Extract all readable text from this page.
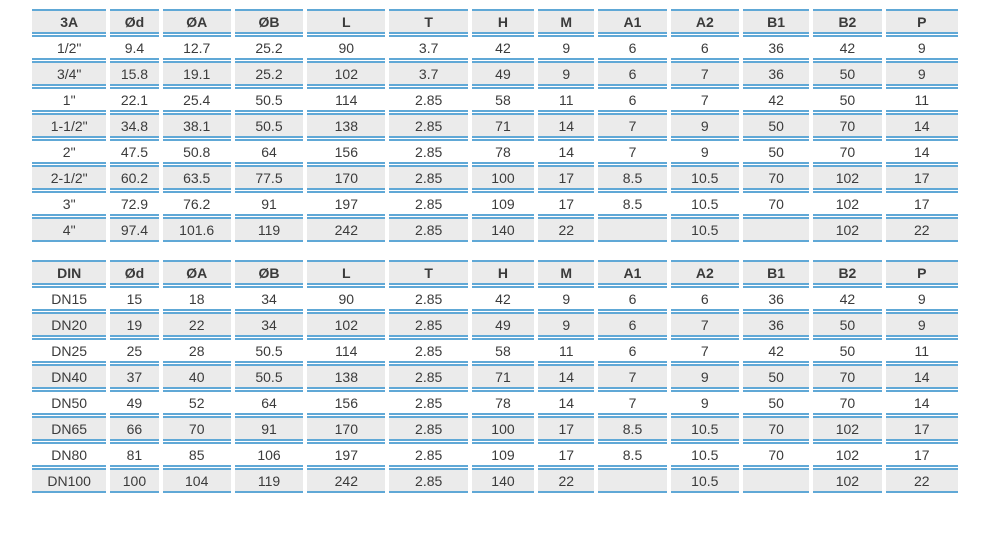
3A	Ød	ØA	ØB	L	T	H	M	A1	A2	B1	B2	P
1/2"	9.4	12.7	25.2	90	3.7	42	9	6	6	36	42	9
3/4"	15.8	19.1	25.2	102	3.7	49	9	6	7	36	50	9
1"	22.1	25.4	50.5	114	2.85	58	11	6	7	42	50	11
1-1/2"	34.8	38.1	50.5	138	2.85	71	14	7	9	50	70	14
2"	47.5	50.8	64	156	2.85	78	14	7	9	50	70	14
2-1/2"	60.2	63.5	77.5	170	2.85	100	17	8.5	10.5	70	102	17
3"	72.9	76.2	91	197	2.85	109	17	8.5	10.5	70	102	17
4"	97.4	101.6	119	242	2.85	140	22		10.5		102	22
DIN	Ød	ØA	ØB	L	T	H	M	A1	A2	B1	B2	P
DN15	15	18	34	90	2.85	42	9	6	6	36	42	9
DN20	19	22	34	102	2.85	49	9	6	7	36	50	9
DN25	25	28	50.5	114	2.85	58	11	6	7	42	50	11
DN40	37	40	50.5	138	2.85	71	14	7	9	50	70	14
DN50	49	52	64	156	2.85	78	14	7	9	50	70	14
DN65	66	70	91	170	2.85	100	17	8.5	10.5	70	102	17
DN80	81	85	106	197	2.85	109	17	8.5	10.5	70	102	17
DN100	100	104	119	242	2.85	140	22		10.5		102	22
